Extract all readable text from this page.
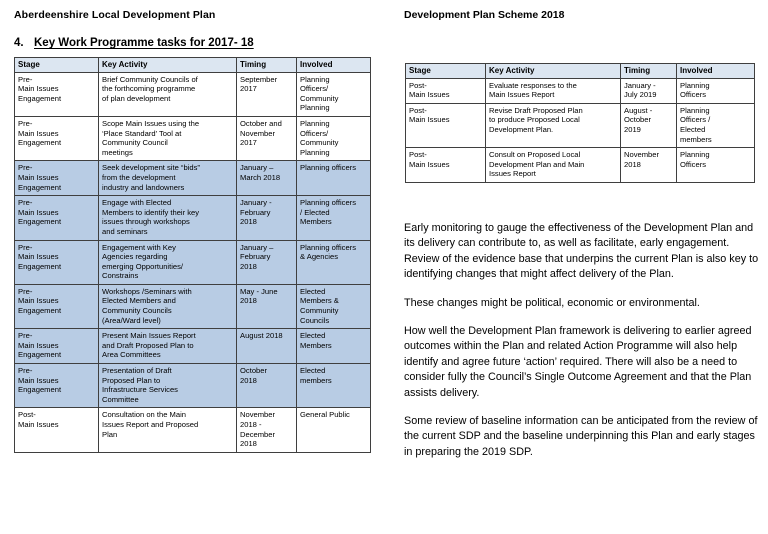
Aberdeenshire Local Development Plan
4. Key Work Programme tasks for 2017- 18
Stage	Key Activity	Timing	Involved

Pre-
Main Issues
Engagement	Brief Community Councils of
the forthcoming programme
of plan development	September
2017	Planning
Officers/
Community
Planning

Pre-
Main Issues
Engagement	Scope Main Issues using the
‘Place Standard’ Tool at
Community Council
meetings	October and
November
2017	Planning
Officers/
Community
Planning

Pre-
Main Issues
Engagement	Seek development site “bids”
from the development
industry and landowners	January –
March 2018	Planning officers

Pre-
Main Issues
Engagement	Engage with Elected
Members to identify their key
issues through workshops
and seminars	January -
February
2018	Planning officers
/ Elected
Members

Pre-
Main Issues
Engagement	Engagement with Key
Agencies regarding
emerging Opportunities/
Constrains	January –
February
2018	Planning officers
& Agencies

Pre-
Main Issues
Engagement	Workshops /Seminars with
Elected Members and
Community Councils
(Area/Ward level)	May - June
2018	Elected
Members &
Community
Councils

Pre-
Main Issues
Engagement	Present Main Issues Report
and Draft Proposed Plan to
Area Committees	August 2018	Elected
Members

Pre-
Main Issues
Engagement	Presentation of Draft
Proposed Plan to
Infrastructure Services
Committee	October
2018	Elected
members

Post-
Main Issues	Consultation on the Main
Issues Report and Proposed
Plan	November
2018 -
December
2018	General Public
Development Plan Scheme 2018
Stage	Key Activity	Timing	Involved

Post-
Main Issues	Evaluate responses to the
Main Issues Report	January -
July 2019	Planning
Officers

Post-
Main Issues	Revise Draft Proposed Plan
to produce Proposed Local
Development Plan.	August -
October
2019	Planning
Officers /
Elected
members

Post-
Main Issues	Consult on Proposed Local
Development Plan and Main
Issues Report	November
2018	Planning
Officers

Early monitoring to gauge the effectiveness of the Development Plan and its delivery can contribute to, as well as facilitate, early engagement. Review of the evidence base that underpins the current Plan is also key to identifying changes that might affect delivery of the Plan.

These changes might be political, economic or environmental.

How well the Development Plan framework is delivering to earlier agreed outcomes within the Plan and related Action Programme will also help identify and agree future ‘action’ required. There will also be a need to consider fully the Council’s Single Outcome Agreement and that the Plan assists delivery.

Some review of baseline information can be anticipated from the review of the current SDP and the baseline underpinning this Plan and early stages in preparing the 2019 SDP.
